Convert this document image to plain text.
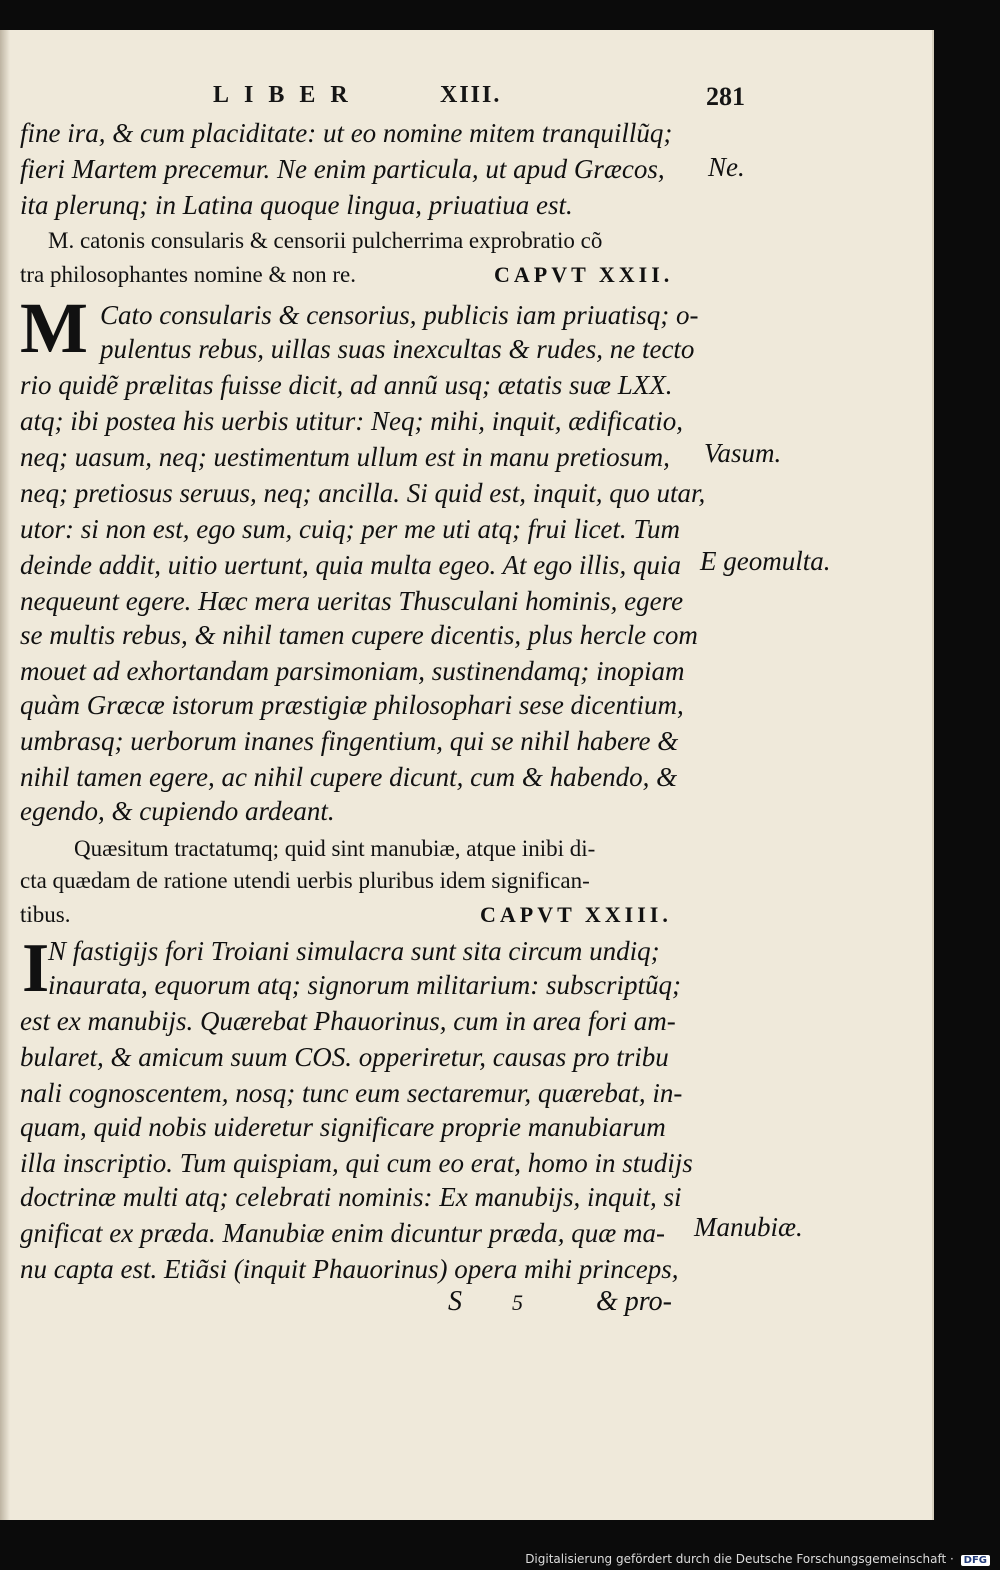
LIBER	XIII.	281
fine ira, & cum placiditate: ut eo nomine mitem tranquillũq;
fieri Martem precemur. Ne enim particula, ut apud Græcos,
ita plerunq; in Latina quoque lingua, priuatiua est.
M. catonis consularis & censorii pulcherrima exprobratio cõ
tra philosophantes nomine & non re.	CAPVT XXII.
M Cato consularis & censorius, publicis iam priuatisq; o-
pulentus rebus, uillas suas inexcultas & rudes, ne tecto
rio quidẽ prælitas fuisse dicit, ad annũ usq; ætatis suæ LXX.
atq; ibi postea his uerbis utitur: Neq; mihi, inquit, ædificatio,
neq; uasum, neq; uestimentum ullum est in manu pretiosum,
neq; pretiosus seruus, neq; ancilla. Si quid est, inquit, quo utar,
utor: si non est, ego sum, cuiq; per me uti atq; frui licet. Tum
deinde addit, uitio uertunt, quia multa egeo. At ego illis, quia
nequeunt egere. Hæc mera ueritas Thusculani hominis, egere
se multis rebus, & nihil tamen cupere dicentis, plus hercle com
mouet ad exhortandam parsimoniam, sustinendamq; inopiam
quàm Græcæ istorum præstigiæ philosophari sese dicentium,
umbrasq; uerborum inanes fingentium, qui se nihil habere &
nihil tamen egere, ac nihil cupere dicunt, cum & habendo, &
egendo, & cupiendo ardeant.
Quæsitum tractatumq; quid sint manubiæ, atque inibi di-
cta quædam de ratione utendi uerbis pluribus idem significan-
tibus.	CAPVT XXIII.
I
N fastigijs fori Troiani simulacra sunt sita circum undiq;
inaurata, equorum atq; signorum militarium: subscriptũq;
est ex manubijs. Quærebat Phauorinus, cum in area fori am-
bularet, & amicum suum COS. opperiretur, causas pro tribu
nali cognoscentem, nosq; tunc eum sectaremur, quærebat, in-
quam, quid nobis uideretur significare proprie manubiarum
illa inscriptio. Tum quispiam, qui cum eo erat, homo in studijs
doctrinæ multi atq; celebrati nominis: Ex manubijs, inquit, si
gnificat ex præda. Manubiæ enim dicuntur præda, quæ ma-
nu capta est. Etiãsi (inquit Phauorinus) opera mihi princeps,
Ne.
Vasum.
E geomulta.
Manubiæ.
S 5	& pro-
Digitalisierung gefördert durch die Deutsche Forschungsgemeinschaft · DFG
